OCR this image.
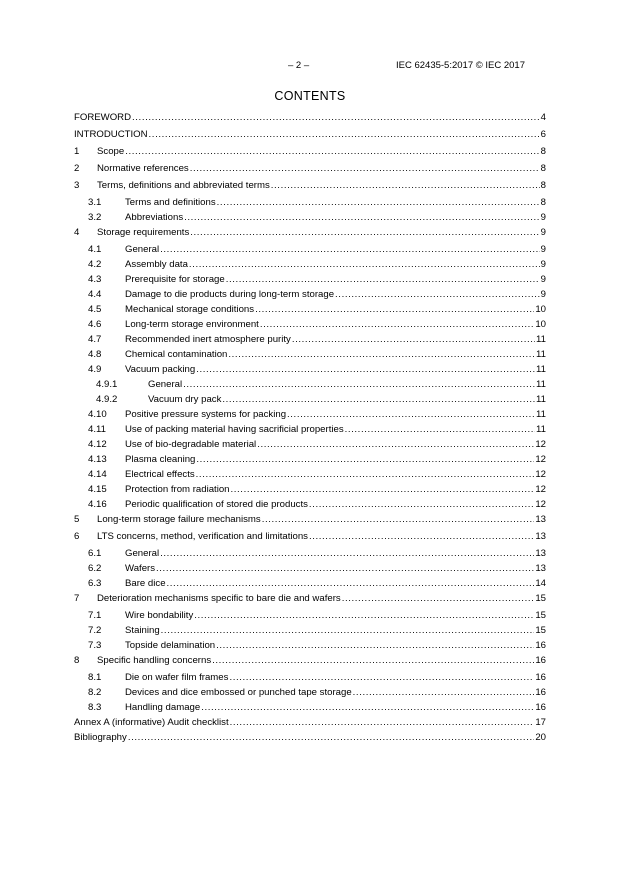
– 2 –	IEC 62435-5:2017 © IEC 2017
CONTENTS
FOREWORD .....	4
INTRODUCTION .....	6
1	Scope .....	8
2	Normative references .....	8
3	Terms, definitions and abbreviated terms .....	8
3.1	Terms and definitions .....	8
3.2	Abbreviations .....	9
4	Storage requirements .....	9
4.1	General .....	9
4.2	Assembly data .....	9
4.3	Prerequisite for storage .....	9
4.4	Damage to die products during long-term storage .....	9
4.5	Mechanical storage conditions .....	10
4.6	Long-term storage environment .....	10
4.7	Recommended inert atmosphere purity .....	11
4.8	Chemical contamination .....	11
4.9	Vacuum packing .....	11
4.9.1	General .....	11
4.9.2	Vacuum dry pack .....	11
4.10	Positive pressure systems for packing .....	11
4.11	Use of packing material having sacrificial properties .....	11
4.12	Use of bio-degradable material .....	12
4.13	Plasma cleaning .....	12
4.14	Electrical effects .....	12
4.15	Protection from radiation .....	12
4.16	Periodic qualification of stored die products .....	12
5	Long-term storage failure mechanisms .....	13
6	LTS concerns, method, verification and limitations .....	13
6.1	General .....	13
6.2	Wafers .....	13
6.3	Bare dice .....	14
7	Deterioration mechanisms specific to bare die and wafers .....	15
7.1	Wire bondability .....	15
7.2	Staining .....	15
7.3	Topside delamination .....	16
8	Specific handling concerns .....	16
8.1	Die on wafer film frames .....	16
8.2	Devices and dice embossed or punched tape storage .....	16
8.3	Handling damage .....	16
Annex A (informative) Audit checklist .....	17
Bibliography .....	20
